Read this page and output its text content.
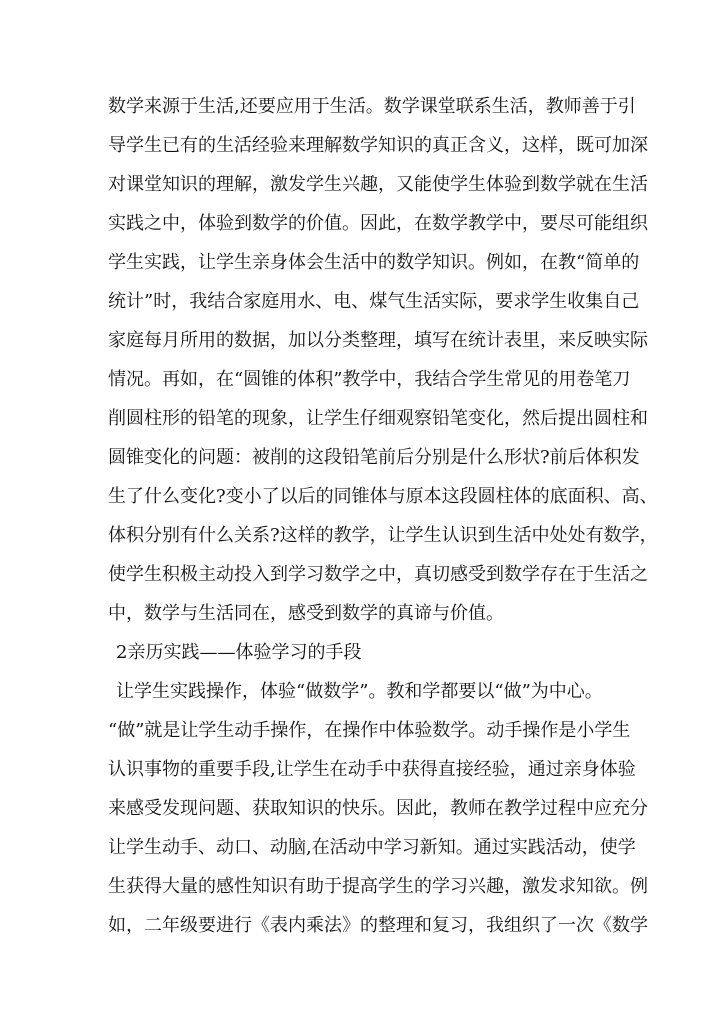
数学来源于生活,还要应用于生活。数学课堂联系生活，教师善于引
导学生已有的生活经验来理解数学知识的真正含义，这样，既可加深
对课堂知识的理解，激发学生兴趣，又能使学生体验到数学就在生活
实践之中，体验到数学的价值。因此，在数学教学中，要尽可能组织
学生实践，让学生亲身体会生活中的数学知识。例如，在教“简单的
统计”时，我结合家庭用水、电、煤气生活实际，要求学生收集自己
家庭每月所用的数据，加以分类整理，填写在统计表里，来反映实际
情况。再如，在“圆锥的体积”教学中，我结合学生常见的用卷笔刀
削圆柱形的铅笔的现象，让学生仔细观察铅笔变化，然后提出圆柱和
圆锥变化的问题：被削的这段铅笔前后分别是什么形状?前后体积发
生了什么变化?变小了以后的同锥体与原本这段圆柱体的底面积、高、
体积分别有什么关系?这样的教学，让学生认识到生活中处处有数学，
使学生积极主动投入到学习数学之中，真切感受到数学存在于生活之
中，数学与生活同在，感受到数学的真谛与价值。
2亲历实践——体验学习的手段
让学生实践操作，体验“做数学”。教和学都要以“做”为中心。
“做”就是让学生动手操作，在操作中体验数学。动手操作是小学生
认识事物的重要手段,让学生在动手中获得直接经验，通过亲身体验
来感受发现问题、获取知识的快乐。因此，教师在教学过程中应充分
让学生动手、动口、动脑,在活动中学习新知。通过实践活动，使学
生获得大量的感性知识有助于提高学生的学习兴趣，激发求知欲。例
如，二年级要进行《表内乘法》的整理和复习，我组织了一次《数学
